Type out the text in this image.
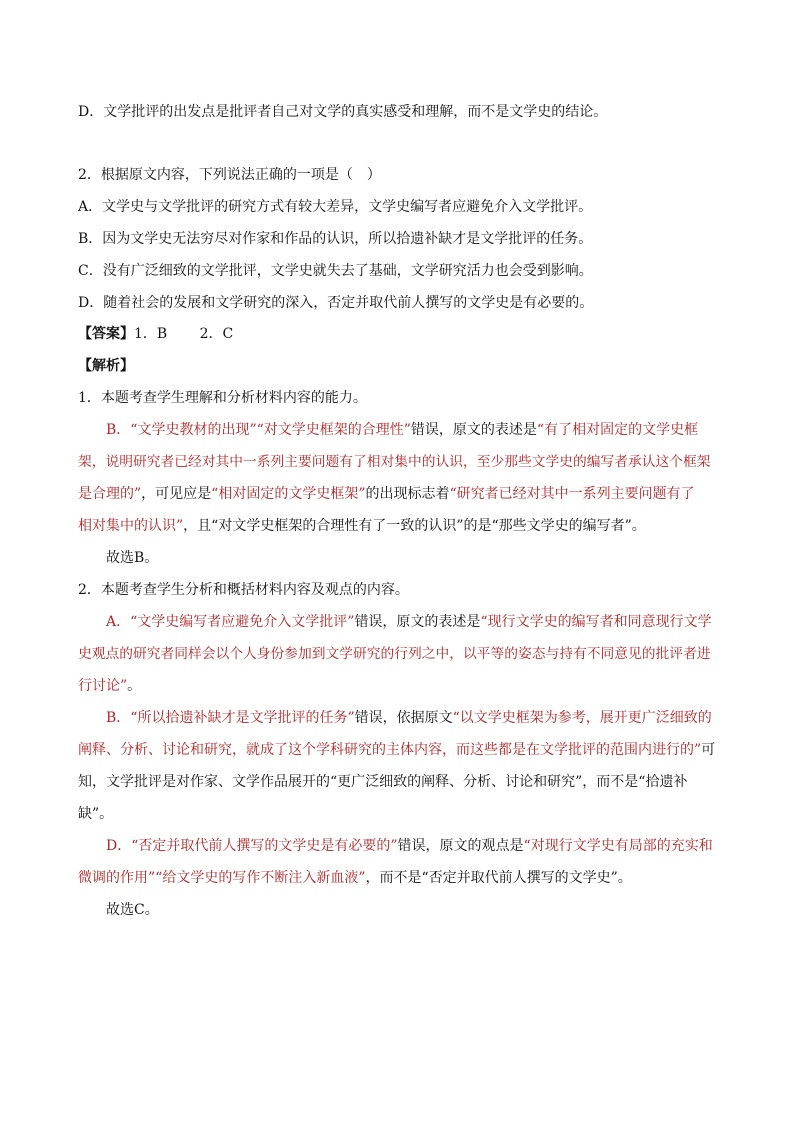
D．文学批评的出发点是批评者自己对文学的真实感受和理解，而不是文学史的结论。
2．根据原文内容，下列说法正确的一项是（　）
A．文学史与文学批评的研究方式有较大差异，文学史编写者应避免介入文学批评。
B．因为文学史无法穷尽对作家和作品的认识，所以拾遗补缺才是文学批评的任务。
C．没有广泛细致的文学批评，文学史就失去了基础，文学研究活力也会受到影响。
D．随着社会的发展和文学研究的深入，否定并取代前人撰写的文学史是有必要的。
【答案】1．B　　 2．C
【解析】
1．本题考查学生理解和分析材料内容的能力。
B．“文学史教材的出现”“对文学史框架的合理性”错误，原文的表述是“有了相对固定的文学史框
架，说明研究者已经对其中一系列主要问题有了相对集中的认识，至少那些文学史的编写者承认这个框架
是合理的”，可见应是“相对固定的文学史框架”的出现标志着“研究者已经对其中一系列主要问题有了
相对集中的认识”，且“对文学史框架的合理性有了一致的认识”的是“那些文学史的编写者”。
故选B。
2．本题考查学生分析和概括材料内容及观点的内容。
A．“文学史编写者应避免介入文学批评”错误，原文的表述是“现行文学史的编写者和同意现行文学
史观点的研究者同样会以个人身份参加到文学研究的行列之中，以平等的姿态与持有不同意见的批评者进
行讨论”。
B．“所以拾遗补缺才是文学批评的任务”错误，依据原文“以文学史框架为参考，展开更广泛细致的
阐释、分析、讨论和研究，就成了这个学科研究的主体内容，而这些都是在文学批评的范围内进行的”可
知，文学批评是对作家、文学作品展开的“更广泛细致的阐释、分析、讨论和研究”，而不是“拾遗补
缺”。
D．“否定并取代前人撰写的文学史是有必要的”错误，原文的观点是“对现行文学史有局部的充实和
微调的作用”“给文学史的写作不断注入新血液”，而不是“否定并取代前人撰写的文学史”。
故选C。
